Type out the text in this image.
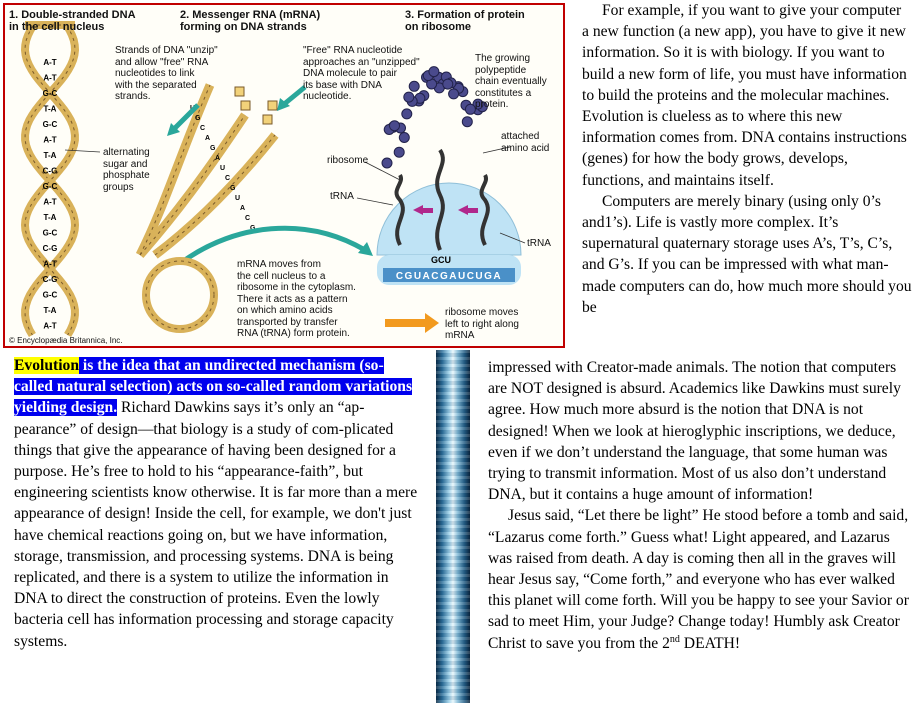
A-T
A-T
G-C
T-A
G-C
A-T
T-A
C-G
G-C
A-T
T-A
G-C
C-G
A-T
C-G
G-C
T-A
A-T
U
G
C
A
G
A
U
C
G
U
A
C
G
CGUACGAUCUGA
GCU
1. Double-stranded DNA
in the cell nucleus
2. Messenger RNA (mRNA)
forming on DNA strands
3. Formation of protein
on ribosome
Strands of DNA "unzip"
and allow "free" RNA
nucleotides to link
with the separated
strands.
"Free" RNA nucleotide
approaches an "unzipped"
DNA molecule to pair
its base with DNA
nucleotide.
The growing
polypeptide
chain eventually
constitutes a
protein.
attached
amino acid
alternating
sugar and
phosphate
groups
ribosome
tRNA
tRNA
mRNA moves from
the cell nucleus to a
ribosome in the cytoplasm.
There it acts as a pattern
on which amino acids
transported by transfer
RNA (tRNA) form protein.
ribosome moves
left to right along
mRNA
© Encyclopædia Britannica, Inc.

For example, if you want to give your computer a new function (a new app), you have to give it new information. So it is with biology. If you want to build a new form of life, you must have information to build the proteins and the molecular machines. Evolution is clueless as to where this new information comes from. DNA contains instructions (genes) for how the body grows, develops, functions, and maintains itself.

Computers are merely binary (using only 0’s and1’s). Life is vastly more complex. It’s supernatural quaternary storage uses A’s, T’s, C’s, and G’s. If you can be impressed with what man-made computers can do, how much more should you be

Evolution is the idea that an undirected mechanism (so-called natural selection) acts on so-called random variations yielding design. Richard Dawkins says it’s only an “ap-pearance” of design—that biology is a study of com-plicated things that give the appearance of having been designed for a purpose. He’s free to hold to his “appearance-faith”, but engineering scientists know otherwise. It is far more than a mere appearance of design! Inside the cell, for example, we don't just have chemical reactions going on, but we have information, storage, transmission, and processing systems. DNA is being replicated, and there is a system to utilize the information in DNA to direct the construction of proteins. Even the lowly bacteria cell has information processing and storage capacity systems.

impressed with Creator-made animals. The notion that computers are NOT designed is absurd. Academics like Dawkins must surely agree. How much more absurd is the notion that DNA is not designed! When we look at hieroglyphic inscriptions, we deduce, even if we don’t understand the language, that some human was trying to transmit information. Most of us also don’t understand DNA, but it contains a huge amount of information!

Jesus said, “Let there be light” He stood before a tomb and said, “Lazarus come forth.” Guess what! Light appeared, and Lazarus was raised from death. A day is coming then all in the graves will hear Jesus say, “Come forth,” and everyone who has ever walked this planet will come forth. Will you be happy to see your Savior or sad to meet Him, your Judge? Change today! Humbly ask Creator Christ to save you from the 2nd DEATH!
